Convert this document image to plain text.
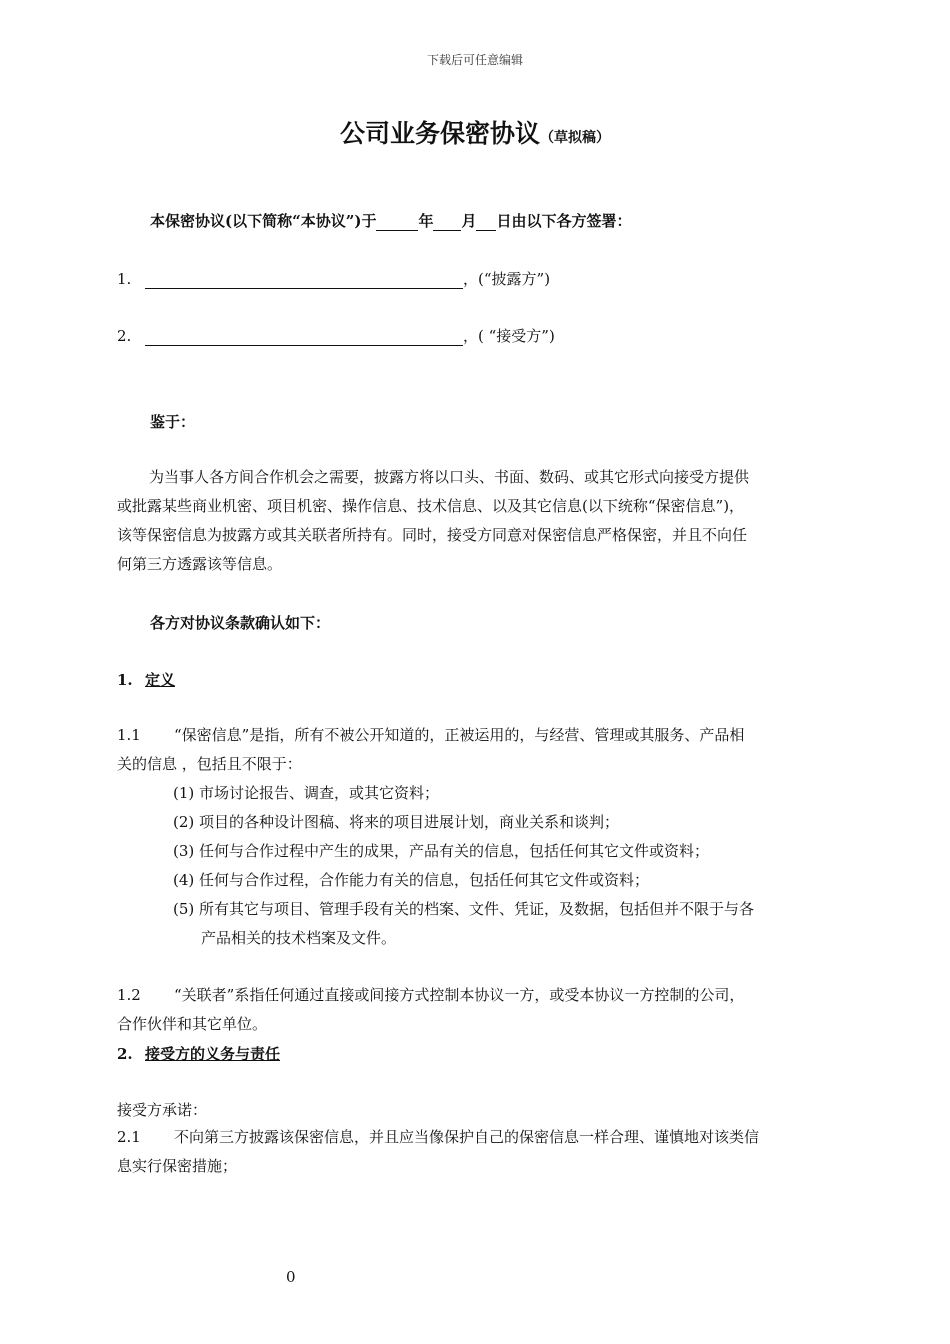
下载后可任意编辑
公司业务保密协议（草拟稿）
本保密协议(以下简称“本协议”)于	年 月 日由以下各方签署：
1.	，(“披露方”)
2.	，( “接受方”)
鉴于：
为当事人各方间合作机会之需要，披露方将以口头、书面、数码、或其它形式向接受方提供
或批露某些商业机密、项目机密、操作信息、技术信息、以及其它信息(以下统称“保密信息”)，
该等保密信息为披露方或其关联者所持有。同时，接受方同意对保密信息严格保密，并且不向任
何第三方透露该等信息。
各方对协议条款确认如下：
1. 定义
1.1 “保密信息”是指，所有不被公开知道的，正被运用的，与经营、管理或其服务、产品相
关的信息 ，包括且不限于：
(1) 市场讨论报告、调查，或其它资料；
(2) 项目的各种设计图稿、将来的项目进展计划，商业关系和谈判；
(3) 任何与合作过程中产生的成果，产品有关的信息，包括任何其它文件或资料；
(4) 任何与合作过程，合作能力有关的信息，包括任何其它文件或资料；
(5) 所有其它与项目、管理手段有关的档案、文件、凭证，及数据，包括但并不限于与各
产品相关的技术档案及文件。
1.2 “关联者”系指任何通过直接或间接方式控制本协议一方，或受本协议一方控制的公司，
合作伙伴和其它单位。
2. 接受方的义务与责任
接受方承诺：
2.1 不向第三方披露该保密信息，并且应当像保护自己的保密信息一样合理、谨慎地对该类信
息实行保密措施；
0
